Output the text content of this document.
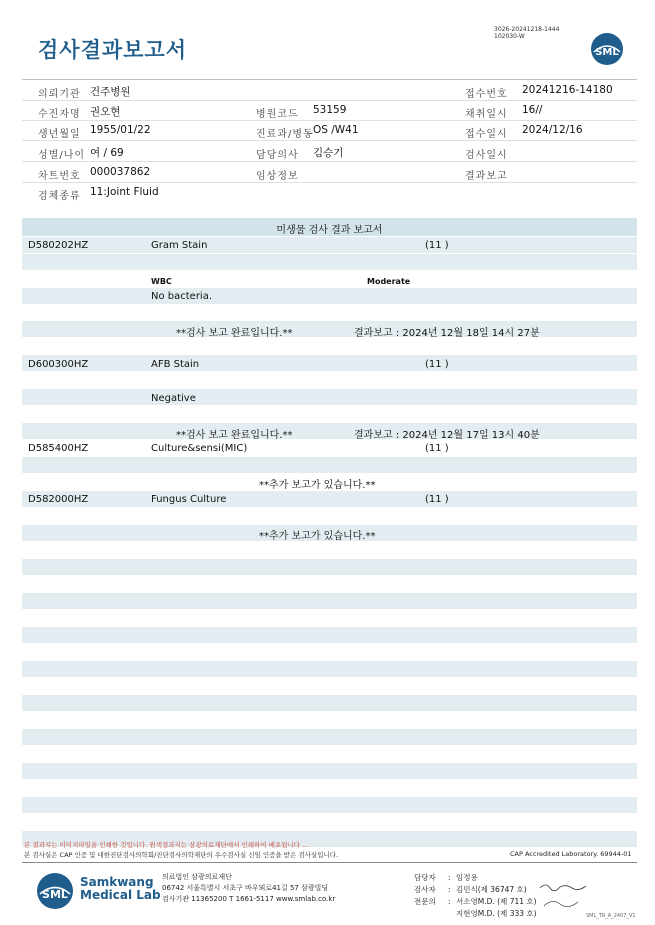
검사결과보고서
3026-20241218-1444
102030-W
SML
의뢰기관 건주병원	접수번호 20241216-14180
수진자명 권오현	병원코드 53159	채취일시 16//
생년월일 1955/01/22	진료과/병동 OS /W41	접수일시 2024/12/16
성별/나이 여 / 69	담당의사 김승기	검사일시
차트번호 000037862	임상정보	결과보고
검체종류 11:Joint Fluid
미생물 검사 결과 보고서
D580202HZ	Gram Stain	(11 )
WBC	Moderate
No bacteria.
**검사 보고 완료입니다.**	결과보고 : 2024년 12월 18일 14시 27분
D600300HZ	AFB Stain	(11 )
Negative
**검사 보고 완료입니다.**	결과보고 : 2024년 12월 17일 13시 40분
D585400HZ	Culture&sensi(MIC)	(11 )
**추가 보고가 있습니다.**
D582000HZ	Fungus Culture	(11 )
**추가 보고가 있습니다.**
본 결과지는 이미지파일을 인쇄한 것입니다. 원색결과지는 삼광의료재단에서 인쇄하여 배포됩니다 ...
본 검사실은 CAP 인증 및 대한진단검사의학회/진단검사의학재단의 우수검사실 신임 인증을 받은 검사실입니다.	CAP Accredited Laboratory. 69944-01
SML
Samkwang
Medical Lab
의료법인 삼광의료재단
06742 서울특별시 서초구 바우뫼로41길 57 삼광빌딩
검사기관 11365200 T 1661-5117 www.smlab.co.kr
담당자 :임정용
검사자 :김민식(제 36747 호)
전문의 :서소영M.D. (제 711 호)
지현영M.D. (제 333 호)	SML_TR_A_2407_V1
